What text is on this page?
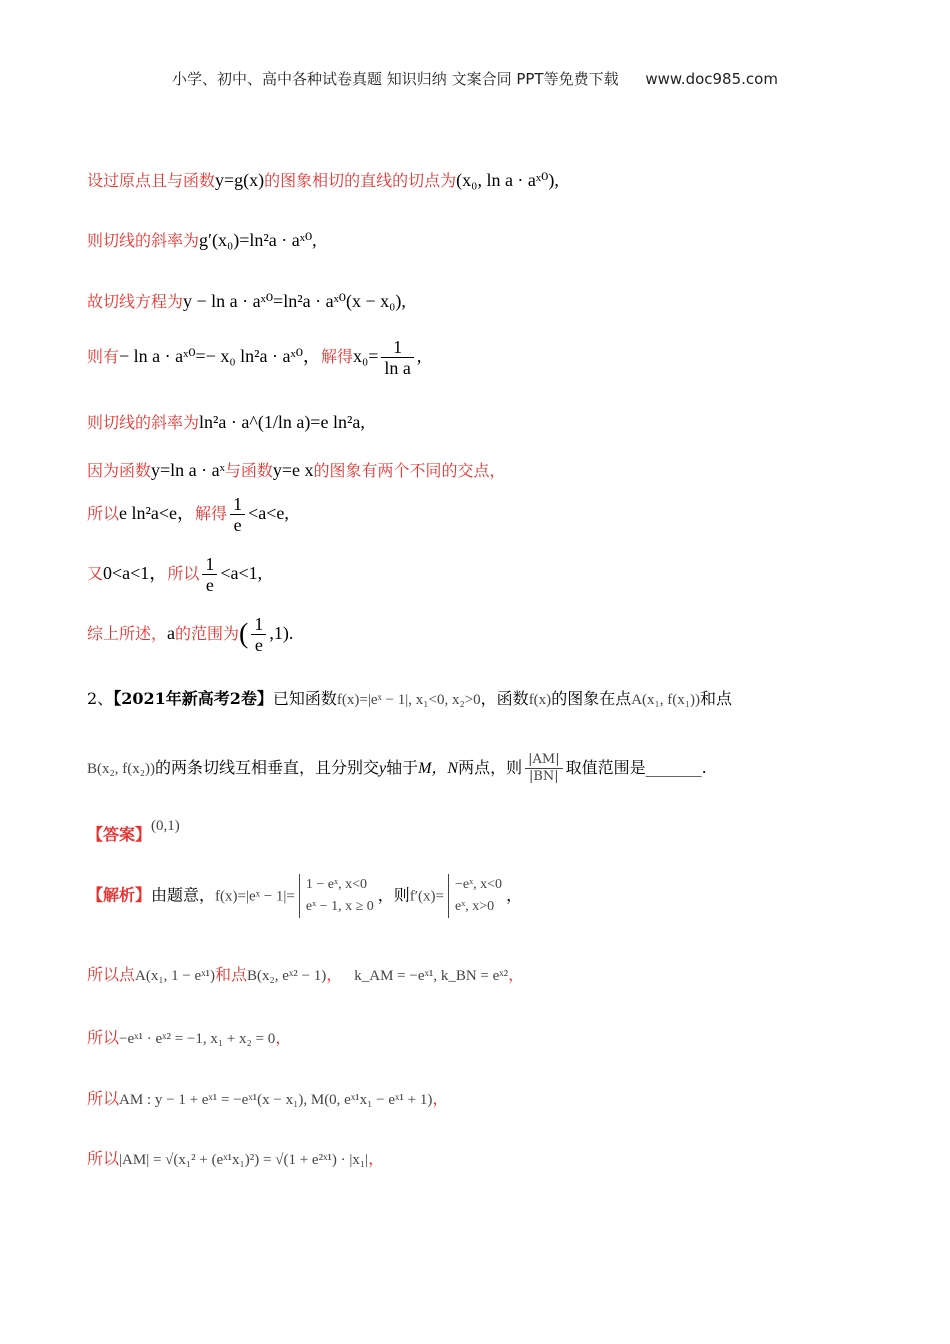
小学、初中、高中各种试卷真题 知识归纳 文案合同 PPT等免费下载 www.doc985.com
设过原点且与函数y=g(x)的图象相切的直线的切点为(x₀, ln a · aˣ⁰),
则切线的斜率为g′(x₀)=ln²a · aˣ⁰,
故切线方程为y − ln a · aˣ⁰=ln²a · aˣ⁰(x − x₀),
则有− ln a · aˣ⁰=− x₀ ln²a · aˣ⁰，解得$x_0= \frac{1}{\text{ln a}}$ ,
则切线的斜率为ln²a · a^(1/ln a)=e ln²a,
因为函数y=ln a · aˣ与函数y=e x的图象有两个不同的交点，
所以e ln²a<e，解得 $\frac{1}{e} <a<e$,
又0<a<1，所以 $\frac{1}{e} <a<1$,
综上所述，a的范围为( $\frac{1}{e} ,1$).
2、【2021年新高考2卷】已知函数f(x)=|eˣ − 1|, x₁<0, x₂>0，函数f(x)的图象在点A(x₁, f(x₁))和点
B(x₂, f(x₂))的两条切线互相垂直，且分别交y轴于M，N两点，则 $\frac{|AM|}{|BN|}$ 取值范围是_______.
【答案】(0,1)
【解析】由题意，f(x)=|eˣ − 1|=
1 − eˣ, x<0
eˣ − 1, x ≥ 0
，则f′(x)=
−eˣ, x<0
eˣ, x>0
，
所以点A(x₁, 1 − eˣ¹)和点B(x₂, eˣ² − 1)， k_AM = −eˣ¹, k_BN = eˣ²，
所以−eˣ¹ · eˣ² = −1, x₁ + x₂ = 0，
所以AM : y − 1 + eˣ¹ = −eˣ¹(x − x₁), M(0, eˣ¹x₁ − eˣ¹ + 1)，
所以|AM| = √(x₁² + (eˣ¹x₁)²) = √(1 + e²ˣ¹) · |x₁|，
